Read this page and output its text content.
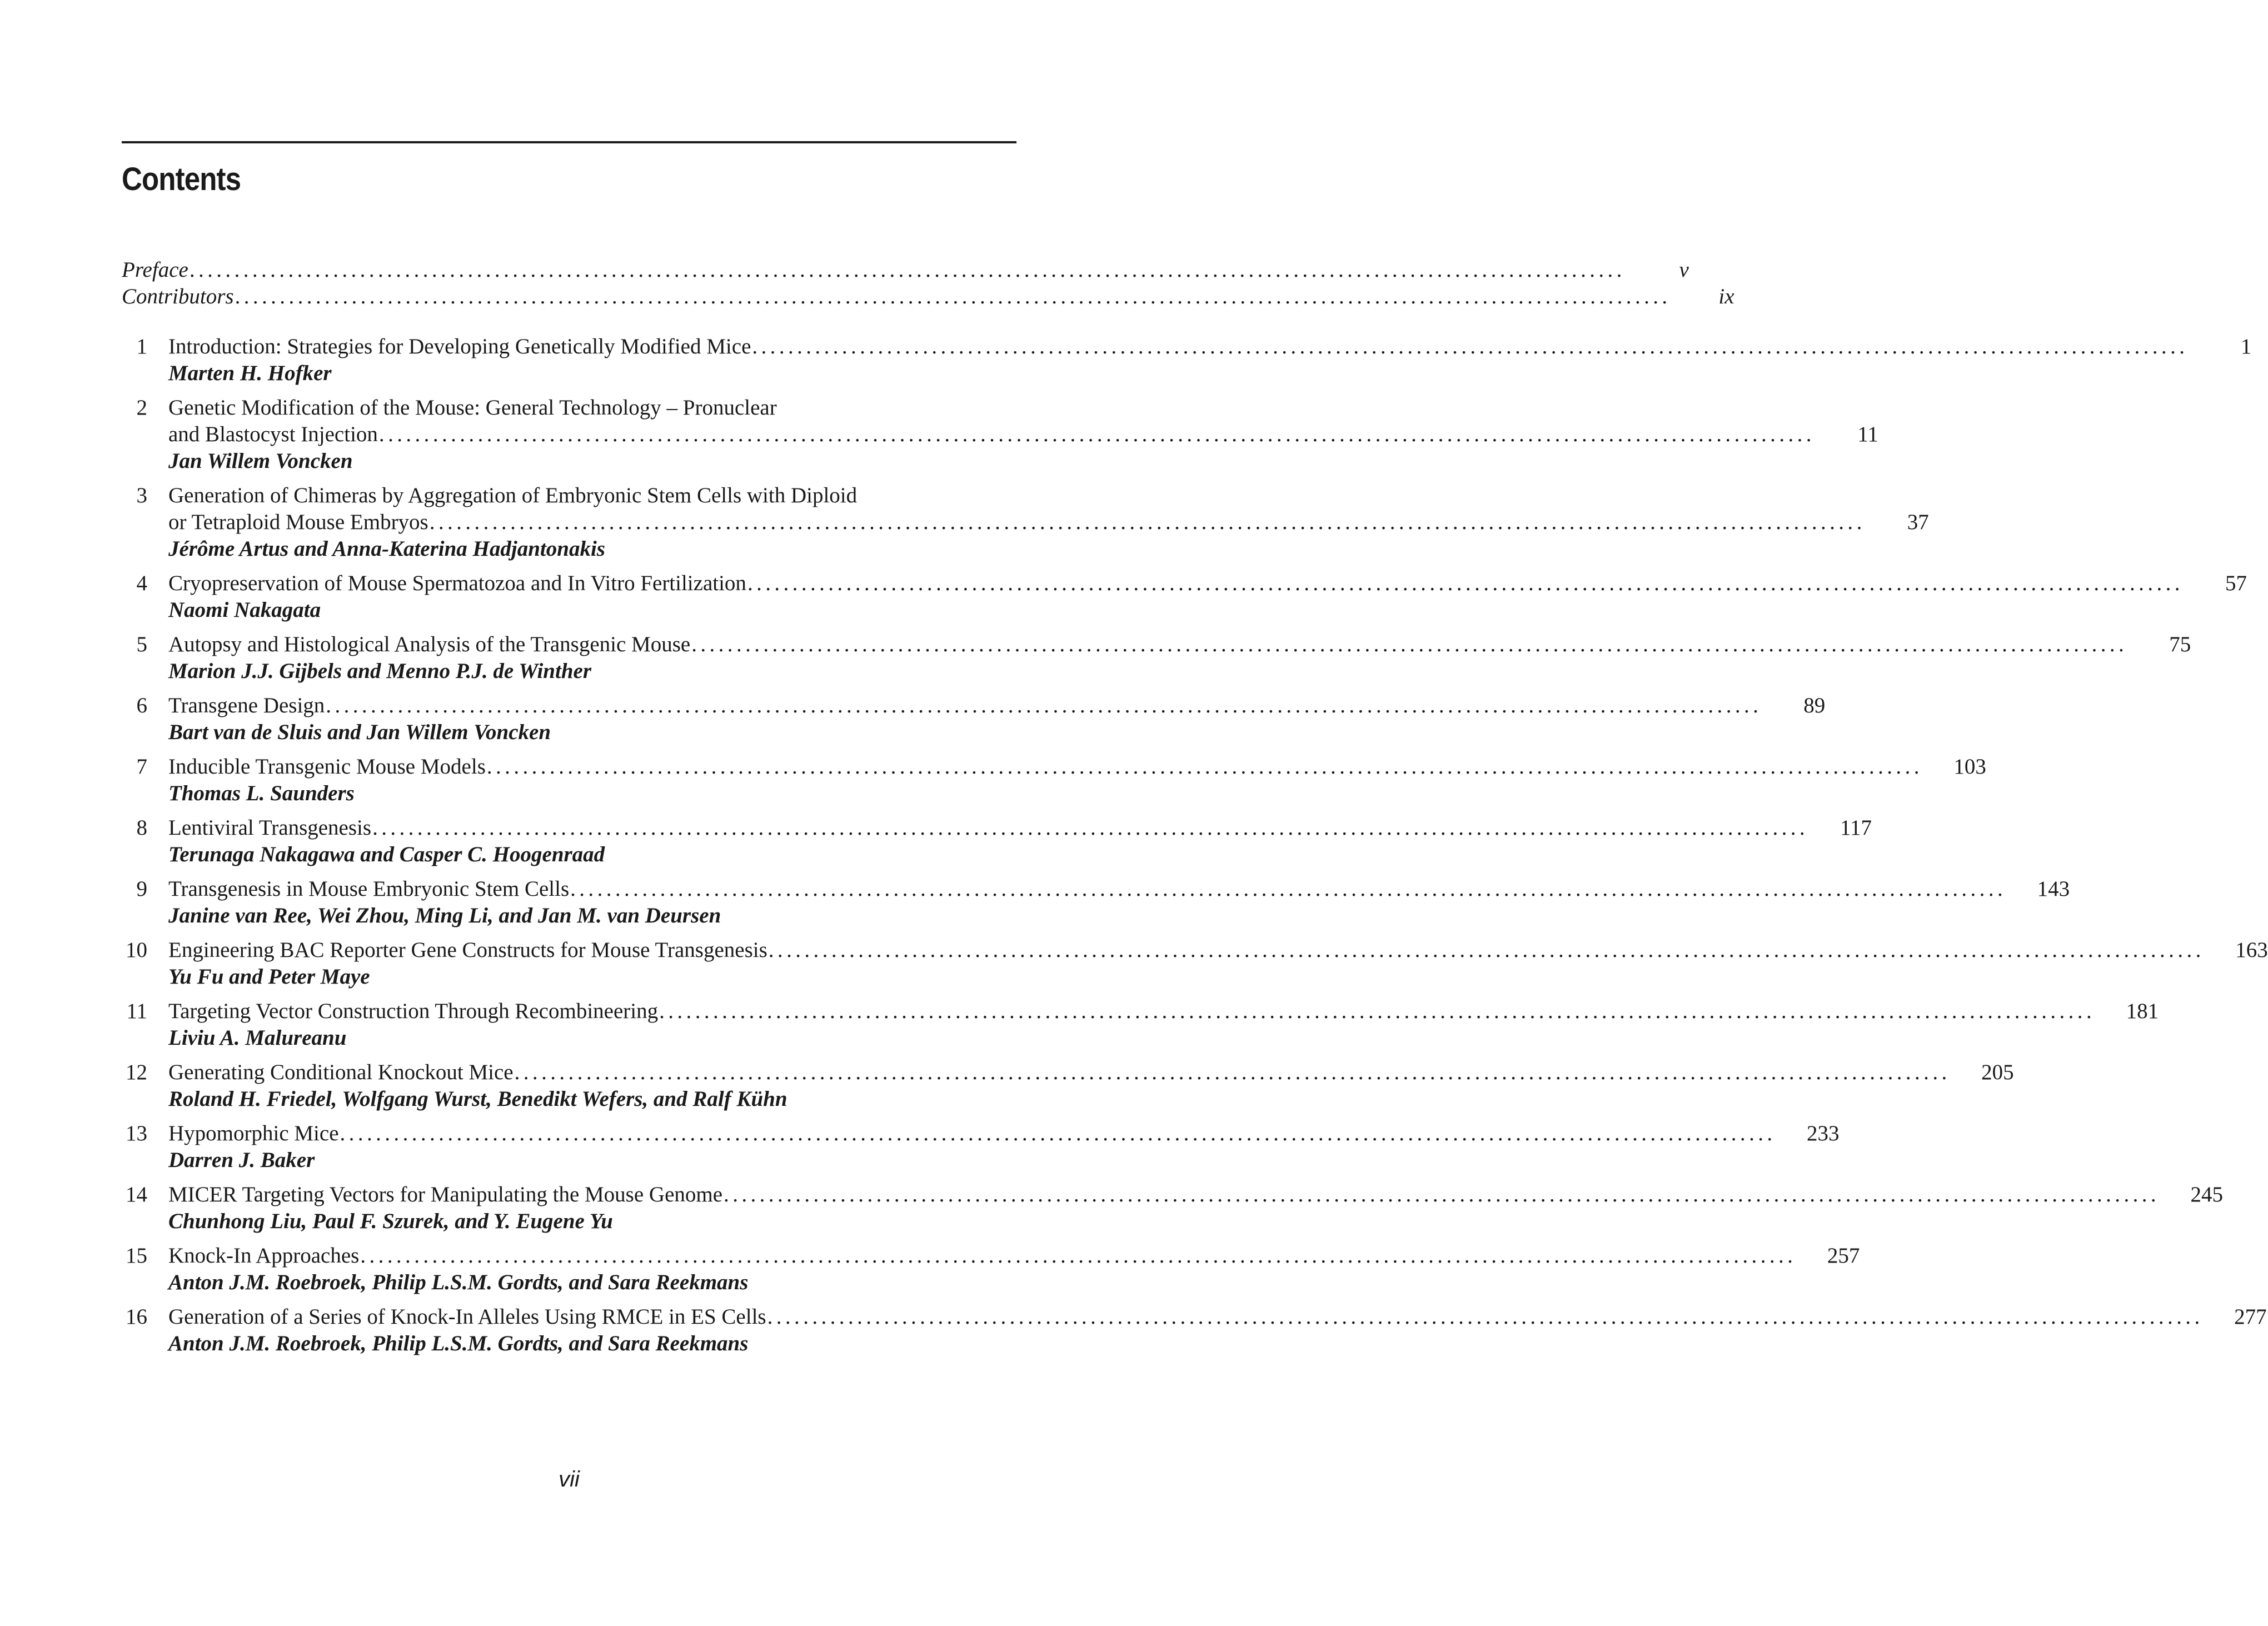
Contents
Preface ................................................................................................................................................................	v
Contributors ................................................................................................................................................................	ix
1 Introduction: Strategies for Developing Genetically Modified Mice ................................................................................................................................................................	1
Marten H. Hofker
2 Genetic Modification of the Mouse: General Technology – Pronuclear
and Blastocyst Injection ................................................................................................................................................................	11
Jan Willem Voncken
3 Generation of Chimeras by Aggregation of Embryonic Stem Cells with Diploid
or Tetraploid Mouse Embryos ................................................................................................................................................................	37
Jérôme Artus and Anna-Katerina Hadjantonakis
4 Cryopreservation of Mouse Spermatozoa and In Vitro Fertilization ................................................................................................................................................................	57
Naomi Nakagata
5 Autopsy and Histological Analysis of the Transgenic Mouse ................................................................................................................................................................	75
Marion J.J. Gijbels and Menno P.J. de Winther
6 Transgene Design ................................................................................................................................................................	89
Bart van de Sluis and Jan Willem Voncken
7 Inducible Transgenic Mouse Models ................................................................................................................................................................	103
Thomas L. Saunders
8 Lentiviral Transgenesis ................................................................................................................................................................	117
Terunaga Nakagawa and Casper C. Hoogenraad
9 Transgenesis in Mouse Embryonic Stem Cells ................................................................................................................................................................	143
Janine van Ree, Wei Zhou, Ming Li, and Jan M. van Deursen
10 Engineering BAC Reporter Gene Constructs for Mouse Transgenesis ................................................................................................................................................................	163
Yu Fu and Peter Maye
11 Targeting Vector Construction Through Recombineering ................................................................................................................................................................	181
Liviu A. Malureanu
12 Generating Conditional Knockout Mice ................................................................................................................................................................	205
Roland H. Friedel, Wolfgang Wurst, Benedikt Wefers, and Ralf Kühn
13 Hypomorphic Mice ................................................................................................................................................................	233
Darren J. Baker
14 MICER Targeting Vectors for Manipulating the Mouse Genome ................................................................................................................................................................	245
Chunhong Liu, Paul F. Szurek, and Y. Eugene Yu
15 Knock-In Approaches ................................................................................................................................................................	257
Anton J.M. Roebroek, Philip L.S.M. Gordts, and Sara Reekmans
16 Generation of a Series of Knock-In Alleles Using RMCE in ES Cells ................................................................................................................................................................	277
Anton J.M. Roebroek, Philip L.S.M. Gordts, and Sara Reekmans

vii
